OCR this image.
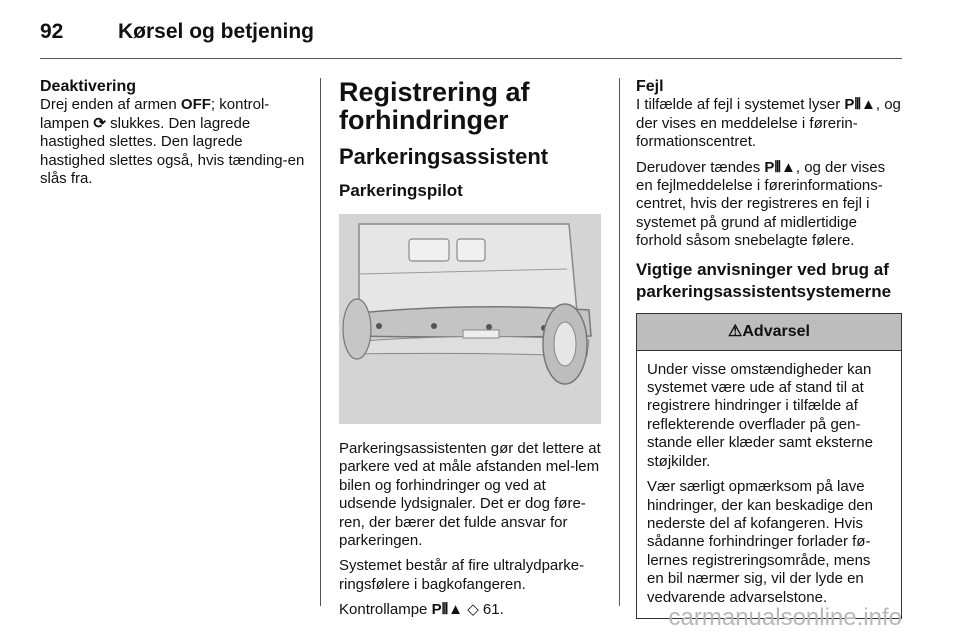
92	Kørsel og betjening
Deaktivering

Drej enden af armen OFF; kontrol- lampen ⟳ slukkes. Den lagrede hastighed slettes. Den lagrede hastighed slettes også, hvis tænding-en slås fra.

Registrering af forhindringer
Parkeringsassistent
Parkeringspilot

Parkeringsassistenten gør det lettere at parkere ved at måle afstanden mel-lem bilen og forhindringer og ved at udsende lydsignaler. Det er dog føre-ren, der bærer det fulde ansvar for parkeringen.

Systemet består af fire ultralydparke-ringsfølere i bagkofangeren.

Kontrollampe P⦀▲ ◇ 61.

Fejl

I tilfælde af fejl i systemet lyser P⦀▲, og der vises en meddelelse i førerin-formationscentret.

Derudover tændes P⦀▲, og der vises en fejlmeddelelse i førerinformations-centret, hvis der registreres en fejl i systemet på grund af midlertidige forhold såsom snebelagte følere.

Vigtige anvisninger ved brug af parkeringsassistentsystemerne
⚠Advarsel

Under visse omstændigheder kan systemet være ude af stand til at registrere hindringer i tilfælde af reflekterende overflader på gen-stande eller klæder samt eksterne støjkilder.

Vær særligt opmærksom på lave hindringer, der kan beskadige den nederste del af kofangeren. Hvis sådanne forhindringer forlader fø-lernes registreringsområde, mens en bil nærmer sig, vil der lyde en vedvarende advarselstone.

carmanualsonline.info
